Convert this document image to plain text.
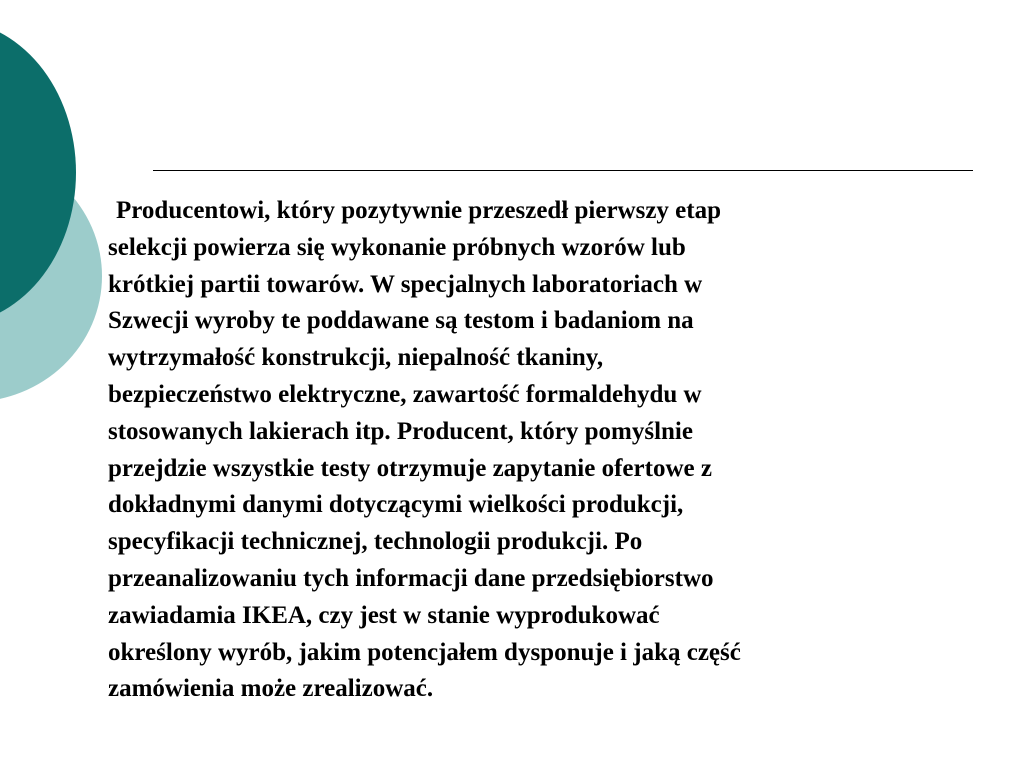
Producentowi, który pozytywnie przeszedł pierwszy etap
selekcji powierza się wykonanie próbnych wzorów lub
krótkiej partii towarów. W specjalnych laboratoriach w
Szwecji wyroby te poddawane są testom i badaniom na
wytrzymałość konstrukcji, niepalność tkaniny,
bezpieczeństwo elektryczne, zawartość formaldehydu w
stosowanych lakierach itp. Producent, który pomyślnie
przejdzie wszystkie testy otrzymuje zapytanie ofertowe z
dokładnymi danymi dotyczącymi wielkości produkcji,
specyfikacji technicznej, technologii produkcji. Po
przeanalizowaniu tych informacji dane przedsiębiorstwo
zawiadamia IKEA, czy jest w stanie wyprodukować
określony wyrób, jakim potencjałem dysponuje i jaką część
zamówienia może zrealizować.
